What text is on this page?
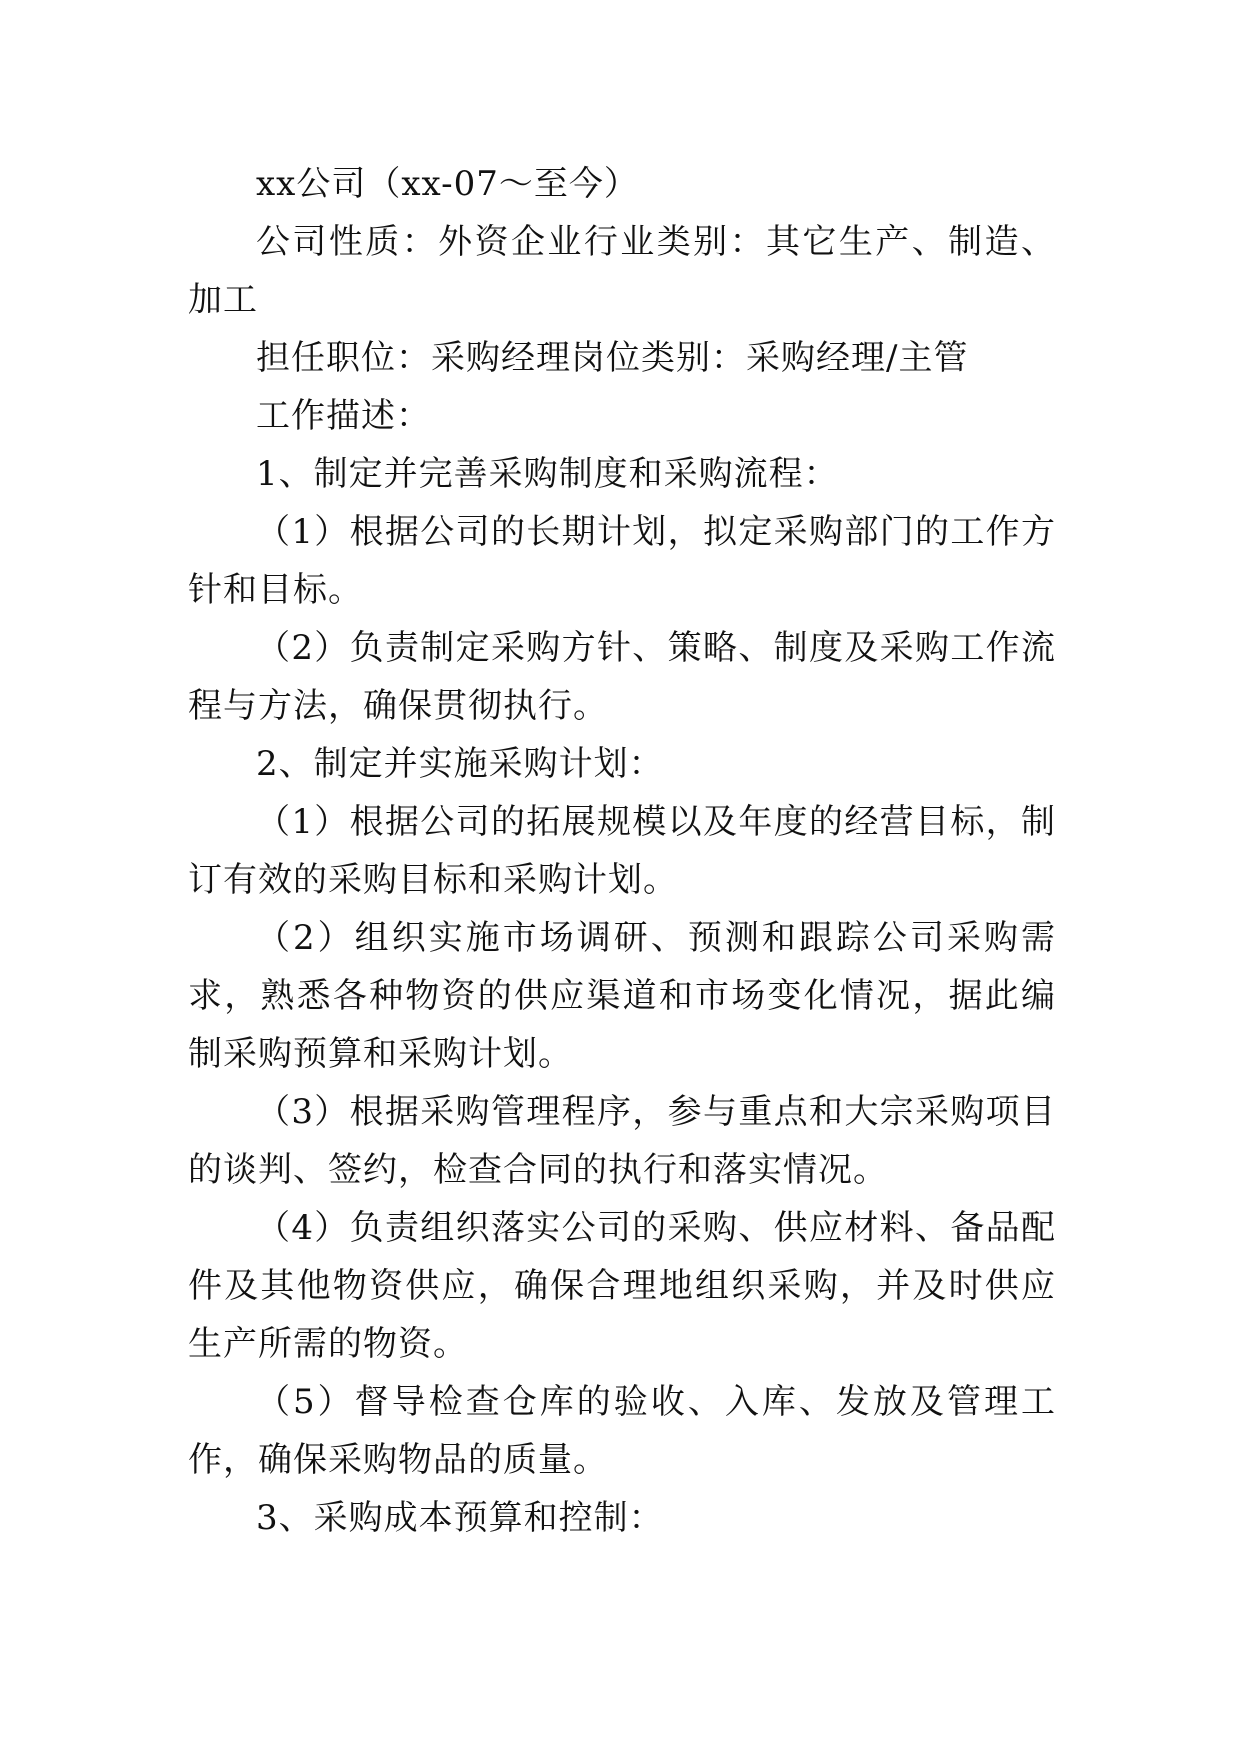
xx公司（xx-07～至今）

公司性质：外资企业行业类别：其它生产、制造、加工

担任职位：采购经理岗位类别：采购经理/主管

工作描述：

1、制定并完善采购制度和采购流程：

（1）根据公司的长期计划，拟定采购部门的工作方针和目标。

（2）负责制定采购方针、策略、制度及采购工作流程与方法，确保贯彻执行。

2、制定并实施采购计划：

（1）根据公司的拓展规模以及年度的经营目标，制订有效的采购目标和采购计划。

（2）组织实施市场调研、预测和跟踪公司采购需求，熟悉各种物资的供应渠道和市场变化情况，据此编制采购预算和采购计划。

（3）根据采购管理程序，参与重点和大宗采购项目的谈判、签约，检查合同的执行和落实情况。

（4）负责组织落实公司的采购、供应材料、备品配件及其他物资供应，确保合理地组织采购，并及时供应生产所需的物资。

（5）督导检查仓库的验收、入库、发放及管理工作，确保采购物品的质量。

3、采购成本预算和控制：
